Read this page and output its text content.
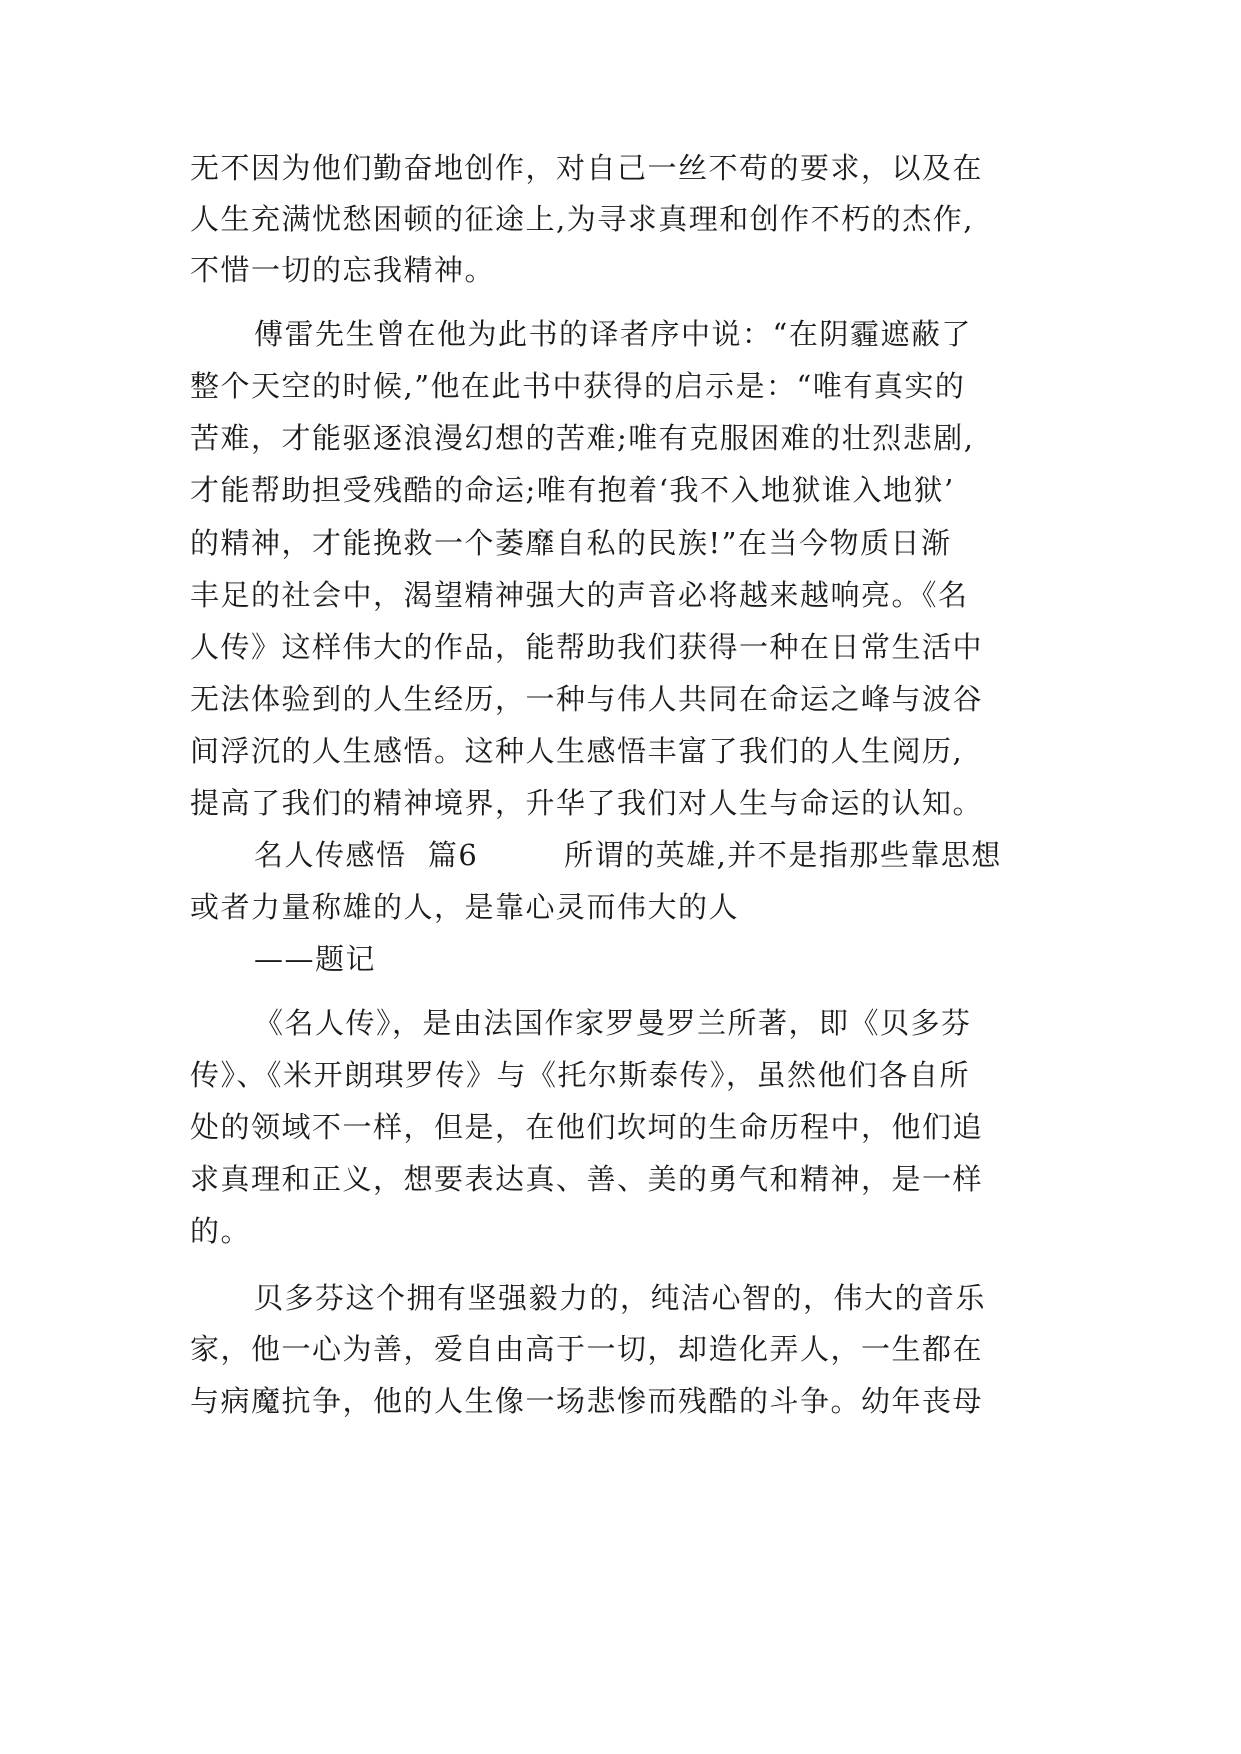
无不因为他们勤奋地创作，对自己一丝不苟的要求，以及在
人生充满忧愁困顿的征途上,为寻求真理和创作不朽的杰作,
不惜一切的忘我精神。
傅雷先生曾在他为此书的译者序中说：“在阴霾遮蔽了
整个天空的时候,”他在此书中获得的启示是：“唯有真实的
苦难，才能驱逐浪漫幻想的苦难;唯有克服困难的壮烈悲剧,
才能帮助担受残酷的命运;唯有抱着‘我不入地狱谁入地狱’
的精神，才能挽救一个萎靡自私的民族!”在当今物质日渐
丰足的社会中，渴望精神强大的声音必将越来越响亮。《名
人传》这样伟大的作品，能帮助我们获得一种在日常生活中
无法体验到的人生经历，一种与伟人共同在命运之峰与波谷
间浮沉的人生感悟。这种人生感悟丰富了我们的人生阅历,
提高了我们的精神境界，升华了我们对人生与命运的认知。
名人传感悟  篇6        所谓的英雄,并不是指那些靠思想
或者力量称雄的人，是靠心灵而伟大的人
——题记
《名人传》，是由法国作家罗曼罗兰所著，即《贝多芬
传》、《米开朗琪罗传》与《托尔斯泰传》，虽然他们各自所
处的领域不一样，但是，在他们坎坷的生命历程中，他们追
求真理和正义，想要表达真、善、美的勇气和精神，是一样
的。
贝多芬这个拥有坚强毅力的，纯洁心智的，伟大的音乐
家，他一心为善，爱自由高于一切，却造化弄人，一生都在
与病魔抗争，他的人生像一场悲惨而残酷的斗争。幼年丧母
